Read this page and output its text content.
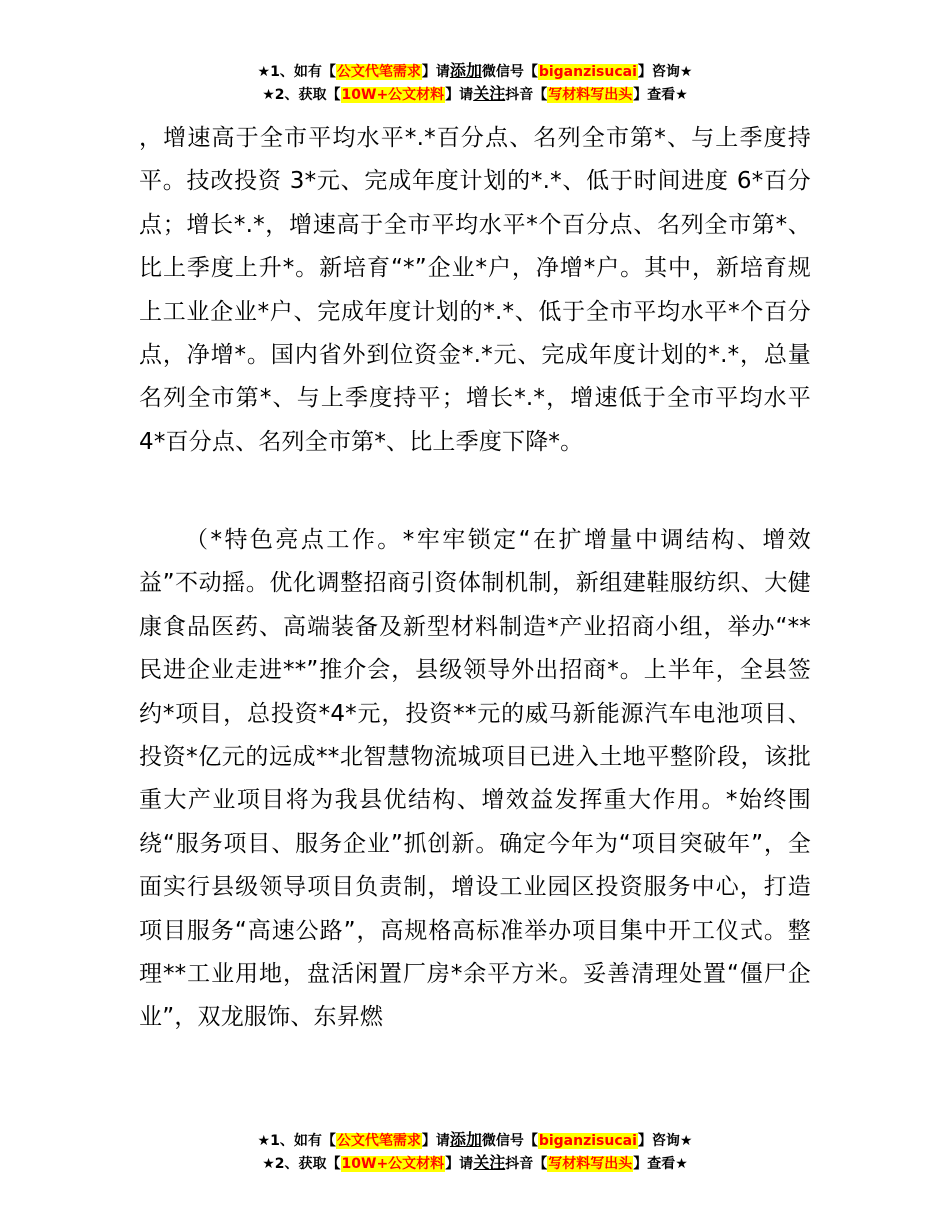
★1、如有【公文代笔需求】请添加微信号【biganzisucai】咨询★
★2、获取【10W+公文材料】请关注抖音【写材料写出头】查看★

，增速高于全市平均水平*.*百分点、名列全市第*、与上季度持平。技改投资 3*元、完成年度计划的*.*、低于时间进度 6*百分点；增长*.*，增速高于全市平均水平*个百分点、名列全市第*、比上季度上升*。新培育“*”企业*户，净增*户。其中，新培育规上工业企业*户、完成年度计划的*.*、低于全市平均水平*个百分点，净增*。国内省外到位资金*.*元、完成年度计划的*.*，总量名列全市第*、与上季度持平；增长*.*，增速低于全市平均水平 4*百分点、名列全市第*、比上季度下降*。

（*特色亮点工作。*牢牢锁定“在扩增量中调结构、增效益”不动摇。优化调整招商引资体制机制，新组建鞋服纺织、大健康食品医药、高端装备及新型材料制造*产业招商小组，举办“**民进企业走进**”推介会，县级领导外出招商*。上半年，全县签约*项目，总投资*4*元，投资**元的威马新能源汽车电池项目、投资*亿元的远成**北智慧物流城项目已进入土地平整阶段，该批重大产业项目将为我县优结构、增效益发挥重大作用。*始终围绕“服务项目、服务企业”抓创新。确定今年为“项目突破年”，全面实行县级领导项目负责制，增设工业园区投资服务中心，打造项目服务“高速公路”，高规格高标准举办项目集中开工仪式。整理**工业用地，盘活闲置厂房*余平方米。妥善清理处置“僵尸企业”，双龙服饰、东昇燃

★1、如有【公文代笔需求】请添加微信号【biganzisucai】咨询★
★2、获取【10W+公文材料】请关注抖音【写材料写出头】查看★
